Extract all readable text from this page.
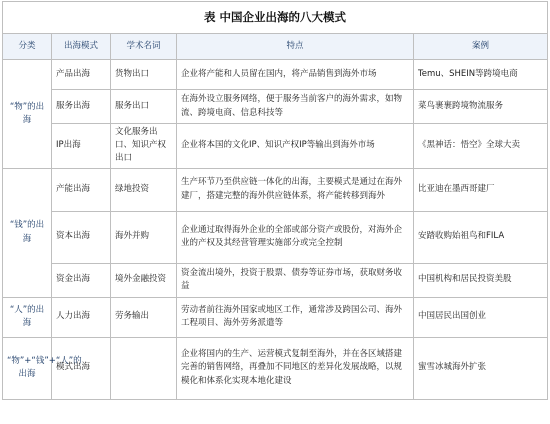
表 中国企业出海的八大模式				
分类	出海模式	学术名词	特点	案例
“物”的出海	产品出海	货物出口	企业将产能和人员留在国内，将产品销售到海外市场	Temu、SHEIN等跨境电商
	服务出海	服务出口	在海外设立服务网络，便于服务当前客户的海外需求，如物流、跨境电商、信息科技等	菜鸟裹裹跨境物流服务
	IP出海	文化服务出口、知识产权出口	企业将本国的文化IP、知识产权IP等输出到海外市场	《黑神话：悟空》全球大卖
“钱”的出海	产能出海	绿地投资	生产环节乃至供应链一体化的出海，主要模式是通过在海外建厂，搭建完整的海外供应链体系，将产能转移到海外	比亚迪在墨西哥建厂
	资本出海	海外并购	企业通过取得海外企业的全部或部分资产或股份，对海外企业的产权及其经营管理实施部分或完全控制	安踏收购始祖鸟和FILA
	资金出海	境外金融投资	资金流出境外，投资于股票、债券等证券市场，获取财务收益	中国机构和居民投资美股
“人”的出海	人力出海	劳务输出	劳动者前往海外国家或地区工作，通常涉及跨国公司、海外工程项目、海外劳务派遣等	中国居民出国创业
“物”+“钱”+“人”的出海	模式出海		企业将国内的生产、运营模式复制至海外，并在各区域搭建完善的销售网络，再叠加不同地区的差异化发展战略，以规模化和体系化实现本地化建设	蜜雪冰城海外扩张
